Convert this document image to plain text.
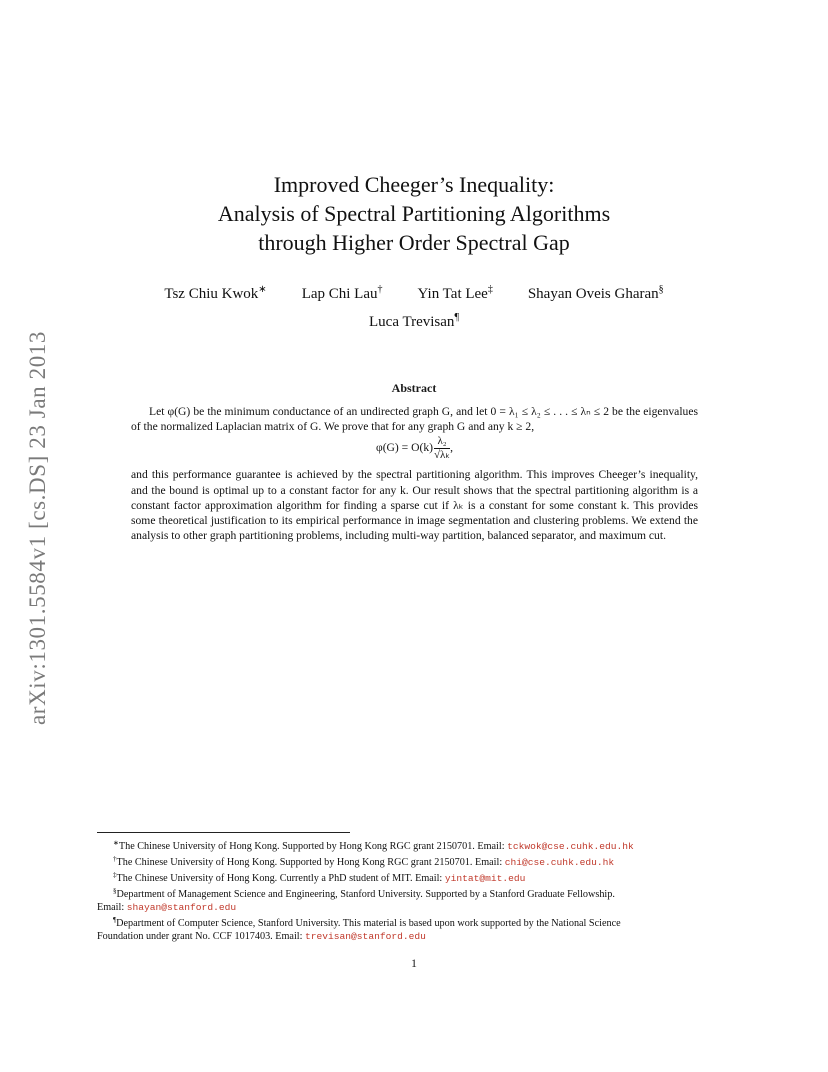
arXiv:1301.5584v1 [cs.DS] 23 Jan 2013
Improved Cheeger’s Inequality:
Analysis of Spectral Partitioning Algorithms
through Higher Order Spectral Gap
Tsz Chiu Kwok∗ Lap Chi Lau† Yin Tat Lee‡ Shayan Oveis Gharan§
Luca Trevisan¶
Abstract

Let φ(G) be the minimum conductance of an undirected graph G, and let 0 = λ₁ ≤ λ₂ ≤ . . . ≤ λₙ ≤ 2 be the eigenvalues of the normalized Laplacian matrix of G. We prove that for any graph G and any k ≥ 2,

$\varphi(G) = O(k) \frac{\text{λ₂}}{\text{√λₖ}}$ ,

and this performance guarantee is achieved by the spectral partitioning algorithm. This improves Cheeger’s inequality, and the bound is optimal up to a constant factor for any k. Our result shows that the spectral partitioning algorithm is a constant factor approximation algorithm for finding a sparse cut if λₖ is a constant for some constant k. This provides some theoretical justification to its empirical performance in image segmentation and clustering problems. We extend the analysis to other graph partitioning problems, including multi-way partition, balanced separator, and maximum cut.

∗The Chinese University of Hong Kong. Supported by Hong Kong RGC grant 2150701. Email: tckwok@cse.cuhk.edu.hk
†The Chinese University of Hong Kong. Supported by Hong Kong RGC grant 2150701. Email: chi@cse.cuhk.edu.hk
‡The Chinese University of Hong Kong. Currently a PhD student of MIT. Email: yintat@mit.edu
§Department of Management Science and Engineering, Stanford University. Supported by a Stanford Graduate Fellowship.
Email: shayan@stanford.edu
¶Department of Computer Science, Stanford University. This material is based upon work supported by the National Science
Foundation under grant No. CCF 1017403. Email: trevisan@stanford.edu
1
